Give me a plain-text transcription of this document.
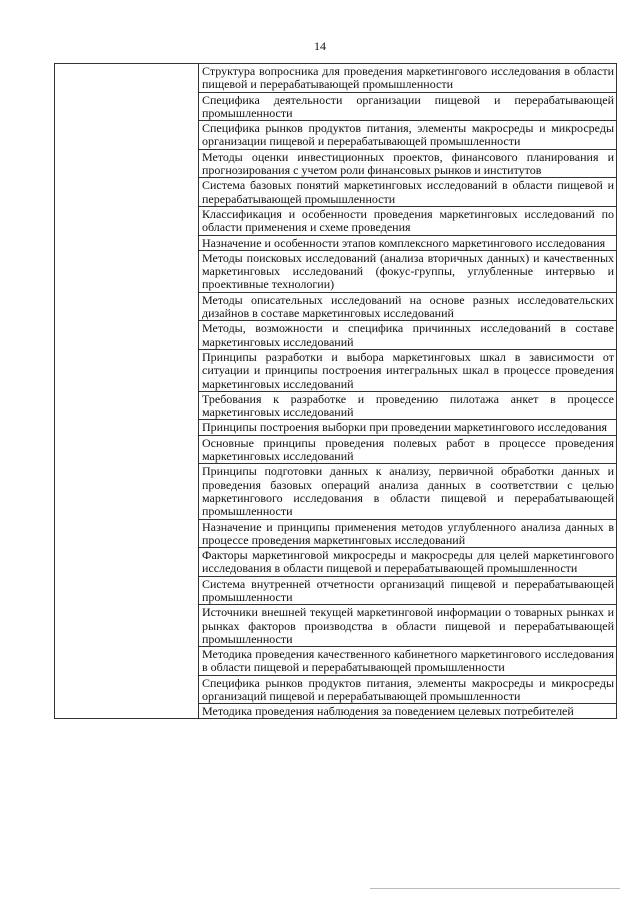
14

Структура вопросника для проведения маркетингового исследования в области пищевой и перерабатывающей промышленности

Специфика деятельности организации пищевой и перерабатывающей промышленности

Специфика рынков продуктов питания, элементы макросреды и микросреды организации пищевой и перерабатывающей промышленности

Методы оценки инвестиционных проектов, финансового планирования и прогнозирования с учетом роли финансовых рынков и институтов

Система базовых понятий маркетинговых исследований в области пищевой и перерабатывающей промышленности

Классификация и особенности проведения маркетинговых исследований по области применения и схеме проведения

Назначение и особенности этапов комплексного маркетингового исследования

Методы поисковых исследований (анализа вторичных данных) и качественных маркетинговых исследований (фокус-группы, углубленные интервью и проективные технологии)

Методы описательных исследований на основе разных исследовательских дизайнов в составе маркетинговых исследований

Методы, возможности и специфика причинных исследований в составе маркетинговых исследований

Принципы разработки и выбора маркетинговых шкал в зависимости от ситуации и принципы построения интегральных шкал в процессе проведения маркетинговых исследований

Требования к разработке и проведению пилотажа анкет в процессе маркетинговых исследований

Принципы построения выборки при проведении маркетингового исследования

Основные принципы проведения полевых работ в процессе проведения маркетинговых исследований

Принципы подготовки данных к анализу, первичной обработки данных и проведения базовых операций анализа данных в соответствии с целью маркетингового исследования в области пищевой и перерабатывающей промышленности

Назначение и принципы применения методов углубленного анализа данных в процессе проведения маркетинговых исследований

Факторы маркетинговой микросреды и макросреды для целей маркетингового исследования в области пищевой и перерабатывающей промышленности

Система внутренней отчетности организаций пищевой и перерабатывающей промышленности

Источники внешней текущей маркетинговой информации о товарных рынках и рынках факторов производства в области пищевой и перерабатывающей промышленности

Методика проведения качественного кабинетного маркетингового исследования в области пищевой и перерабатывающей промышленности

Специфика рынков продуктов питания, элементы макросреды и микросреды организаций пищевой и перерабатывающей промышленности

Методика проведения наблюдения за поведением целевых потребителей
